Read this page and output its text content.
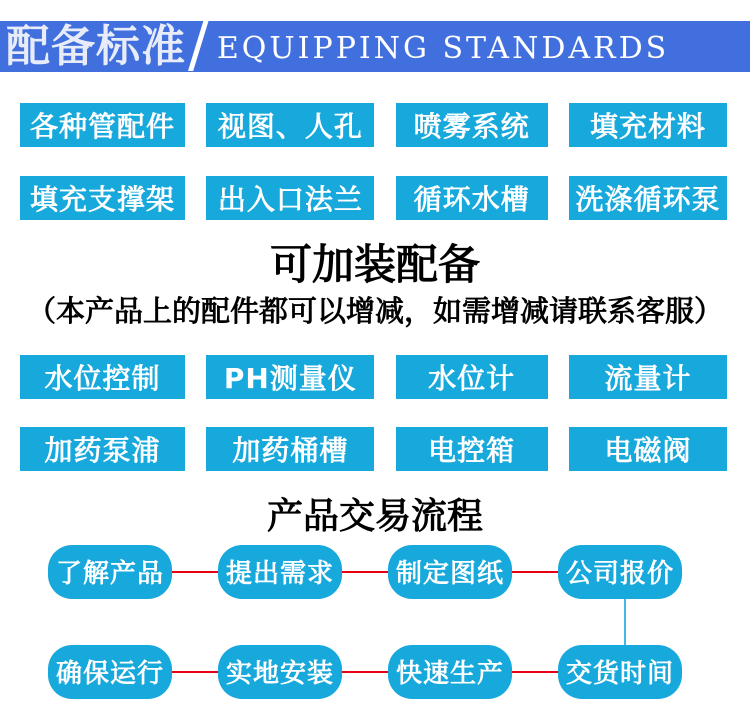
配备标准 / EQUIPPING STANDARDS
各种管配件	视图、人孔	喷雾系统	填充材料
填充支撑架	出入口法兰	循环水槽	洗涤循环泵
可加装配备

（本产品上的配件都可以增减，如需增减请联系客服）

水位控制	PH测量仪	水位计	流量计
加药泵浦	加药桶槽	电控箱	电磁阀
产品交易流程
了解产品	提出需求	制定图纸	公司报价
确保运行	实地安装	快速生产	交货时间
